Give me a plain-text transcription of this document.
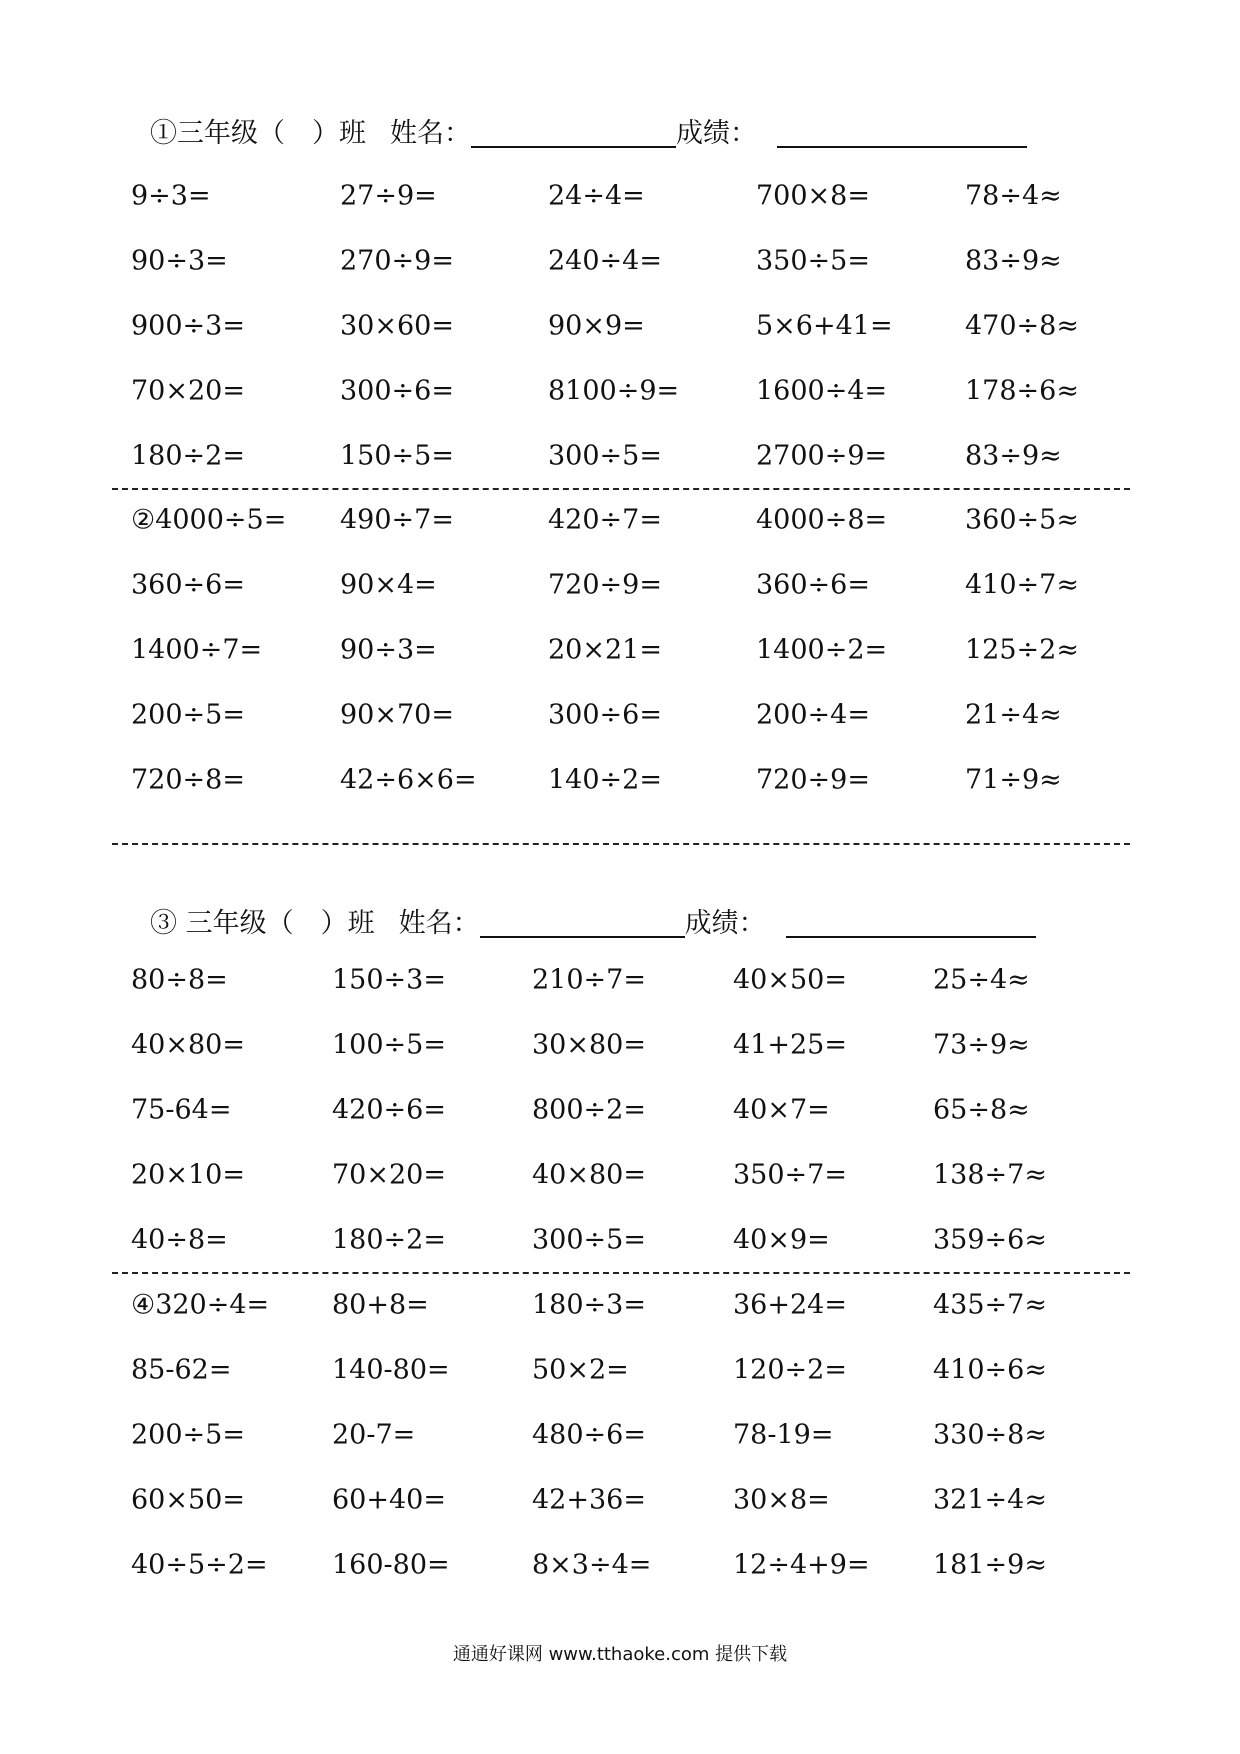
①三年级（　）班 姓名：	成绩：
9÷3=	27÷9=	24÷4=	700×8=	78÷4≈
90÷3=	270÷9=	240÷4=	350÷5=	83÷9≈
900÷3=	30×60=	90×9=	5×6+41=	470÷8≈
70×20=	300÷6=	8100÷9=	1600÷4=	178÷6≈
180÷2=	150÷5=	300÷5=	2700÷9=	83÷9≈
②4000÷5= 490÷7=	420÷7=	4000÷8=	360÷5≈
360÷6=	90×4=	720÷9=	360÷6=	410÷7≈
1400÷7=	90÷3=	20×21=	1400÷2=	125÷2≈
200÷5=	90×70=	300÷6=	200÷4=	21÷4≈
720÷8=	42÷6×6=	140÷2=	720÷9=	71÷9≈
③ 三年级（　）班 姓名：	成绩：
80÷8=	150÷3=	210÷7=	40×50=	25÷4≈
40×80=	100÷5=	30×80=	41+25=	73÷9≈
75-64=	420÷6=	800÷2=	40×7=	65÷8≈
20×10=	70×20=	40×80=	350÷7=	138÷7≈
40÷8=	180÷2=	300÷5=	40×9=	359÷6≈
④320÷4= 80+8=	180÷3=	36+24=	435÷7≈
85-62=	140-80=	50×2=	120÷2=	410÷6≈
200÷5=	20-7=	480÷6=	78-19=	330÷8≈
60×50=	60+40=	42+36=	30×8=	321÷4≈
40÷5÷2= 160-80=	8×3÷4=	12÷4+9= 181÷9≈
通通好课网 www.tthaoke.com 提供下载
